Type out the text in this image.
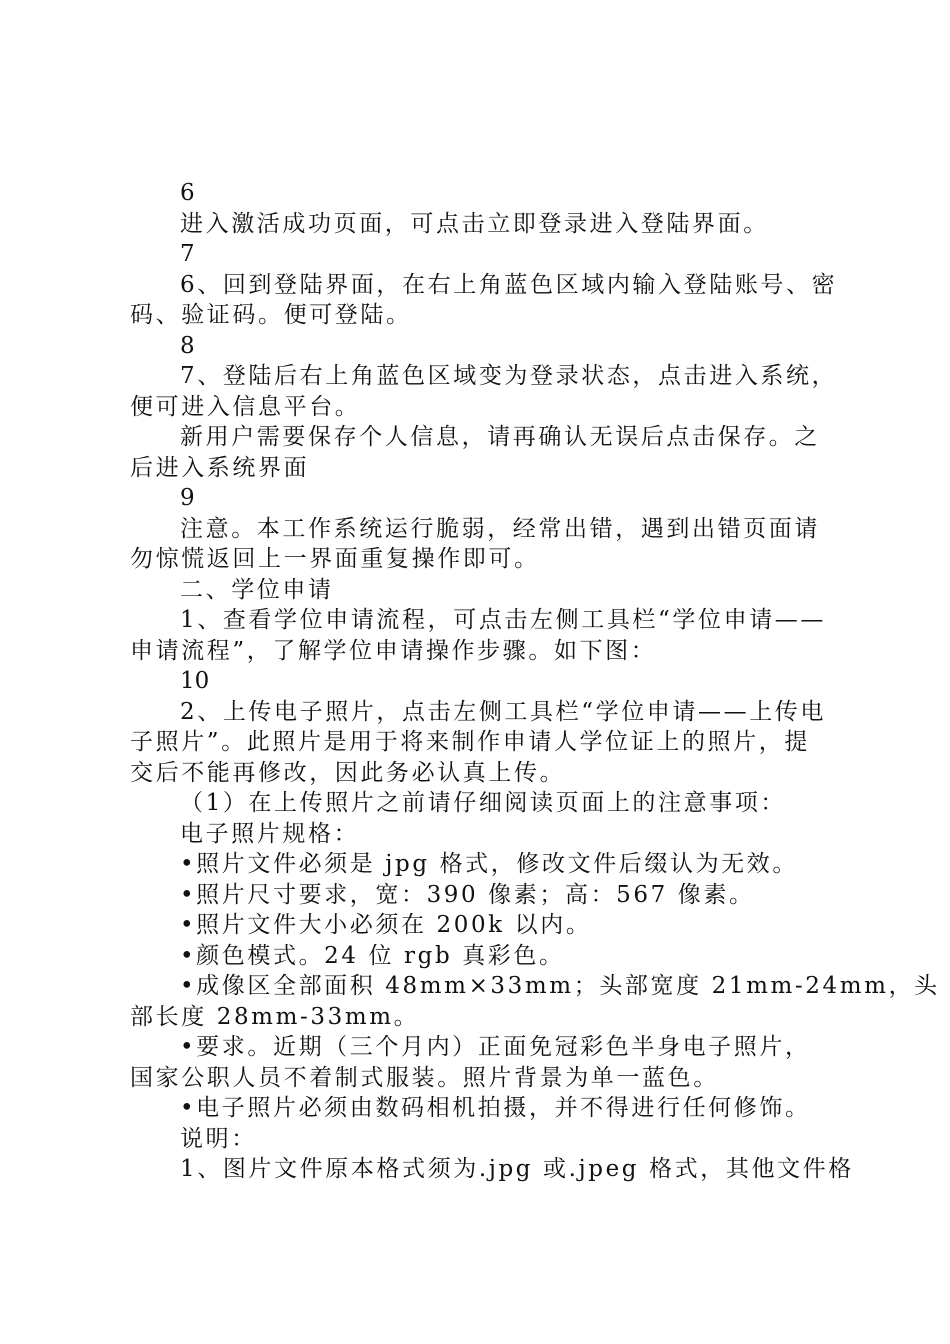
6

进入激活成功页面，可点击立即登录进入登陆界面。

7

6、回到登陆界面，在右上角蓝色区域内输入登陆账号、密

码、验证码。便可登陆。

8

7、登陆后右上角蓝色区域变为登录状态，点击进入系统，

便可进入信息平台。

新用户需要保存个人信息，请再确认无误后点击保存。之

后进入系统界面

9

注意。本工作系统运行脆弱，经常出错，遇到出错页面请

勿惊慌返回上一界面重复操作即可。

二、学位申请

1、查看学位申请流程，可点击左侧工具栏“学位申请——

申请流程”，了解学位申请操作步骤。如下图：

10

2、上传电子照片，点击左侧工具栏“学位申请——上传电

子照片”。此照片是用于将来制作申请人学位证上的照片，提

交后不能再修改，因此务必认真上传。

（1）在上传照片之前请仔细阅读页面上的注意事项：

电子照片规格：

•照片文件必须是 jpg 格式，修改文件后缀认为无效。

•照片尺寸要求，宽：390 像素；高：567 像素。

•照片文件大小必须在 200k 以内。

•颜色模式。24 位 rgb 真彩色。

•成像区全部面积 48mm×33mm；头部宽度 21mm-24mm，头

部长度 28mm-33mm。

•要求。近期（三个月内）正面免冠彩色半身电子照片，

国家公职人员不着制式服装。照片背景为单一蓝色。

•电子照片必须由数码相机拍摄，并不得进行任何修饰。

说明：

1、图片文件原本格式须为.jpg 或.jpeg 格式，其他文件格
